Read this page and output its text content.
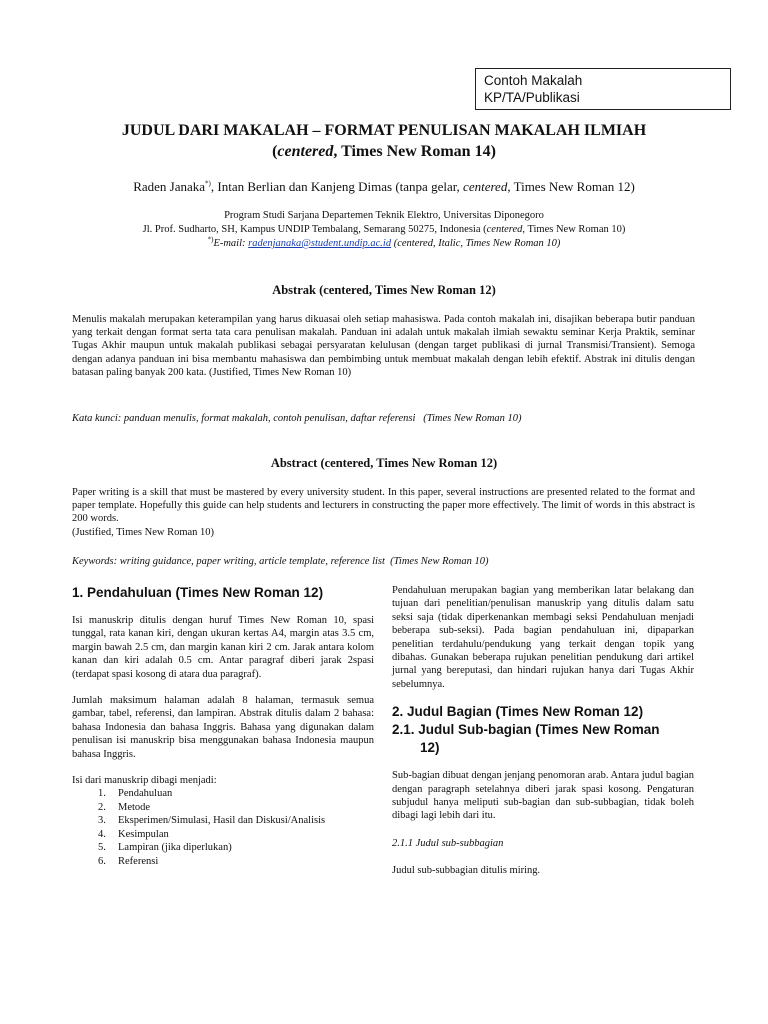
Contoh Makalah
KP/TA/Publikasi
JUDUL DARI MAKALAH – FORMAT PENULISAN MAKALAH ILMIAH
(centered, Times New Roman 14)
Raden Janaka*), Intan Berlian dan Kanjeng Dimas (tanpa gelar, centered, Times New Roman 12)
Program Studi Sarjana Departemen Teknik Elektro, Universitas Diponegoro
Jl. Prof. Sudharto, SH, Kampus UNDIP Tembalang, Semarang 50275, Indonesia (centered, Times New Roman 10)
*)E-mail: radenjanaka@student.undip.ac.id (centered, Italic, Times New Roman 10)
Abstrak (centered, Times New Roman 12)
Menulis makalah merupakan keterampilan yang harus dikuasai oleh setiap mahasiswa. Pada contoh makalah ini, disajikan beberapa butir panduan yang terkait dengan format serta tata cara penulisan makalah. Panduan ini adalah untuk makalah ilmiah sewaktu seminar Kerja Praktik, seminar Tugas Akhir maupun untuk makalah publikasi sebagai persyaratan kelulusan (dengan target publikasi di jurnal Transmisi/Transient). Semoga dengan adanya panduan ini bisa membantu mahasiswa dan pembimbing untuk membuat makalah dengan lebih efektif. Abstrak ini ditulis dengan batasan paling banyak 200 kata. (Justified, Times New Roman 10)
Kata kunci: panduan menulis, format makalah, contoh penulisan, daftar referensi (Times New Roman 10)
Abstract (centered, Times New Roman 12)
Paper writing is a skill that must be mastered by every university student. In this paper, several instructions are presented related to the format and paper template. Hopefully this guide can help students and lecturers in constructing the paper more effectively. The limit of words in this abstract is 200 words.
(Justified, Times New Roman 10)
Keywords: writing guidance, paper writing, article template, reference list (Times New Roman 10)
1. Pendahuluan (Times New Roman 12)
Isi manuskrip ditulis dengan huruf Times New Roman 10, spasi tunggal, rata kanan kiri, dengan ukuran kertas A4, margin atas 3.5 cm, margin bawah 2.5 cm, dan margin kanan kiri 2 cm. Jarak antara kolom kanan dan kiri adalah 0.5 cm. Antar paragraf diberi jarak 2spasi (terdapat spasi kosong di atara dua paragraf).
Jumlah maksimum halaman adalah 8 halaman, termasuk semua gambar, tabel, referensi, dan lampiran. Abstrak ditulis dalam 2 bahasa: bahasa Indonesia dan bahasa Inggris. Bahasa yang digunakan dalam penulisan isi manuskrip bisa menggunakan bahasa Indonesia maupun bahasa Inggris.
Isi dari manuskrip dibagi menjadi:
1.	Pendahuluan
2.	Metode
3.	Eksperimen/Simulasi, Hasil dan Diskusi/Analisis
4.	Kesimpulan
5.	Lampiran (jika diperlukan)
6.	Referensi
Pendahuluan merupakan bagian yang memberikan latar belakang dan tujuan dari penelitian/penulisan manuskrip yang ditulis dalam satu seksi saja (tidak diperkenankan membagi seksi Pendahuluan menjadi beberapa sub-seksi). Pada bagian pendahuluan ini, dipaparkan penelitian terdahulu/pendukung yang terkait dengan topik yang dibahas. Gunakan beberapa rujukan penelitian pendukung dari artikel jurnal yang bereputasi, dan hindari rujukan hanya dari Tugas Akhir sebelumnya.
2. Judul Bagian (Times New Roman 12)
2.1. Judul Sub-bagian (Times New Roman
12)
Sub-bagian dibuat dengan jenjang penomoran arab. Antara judul bagian dengan paragraph setelahnya diberi jarak spasi kosong. Pengaturan subjudul hanya meliputi sub-bagian dan sub-subbagian, tidak boleh dibagi lagi lebih dari itu.
2.1.1 Judul sub-subbagian
Judul sub-subbagian ditulis miring.
